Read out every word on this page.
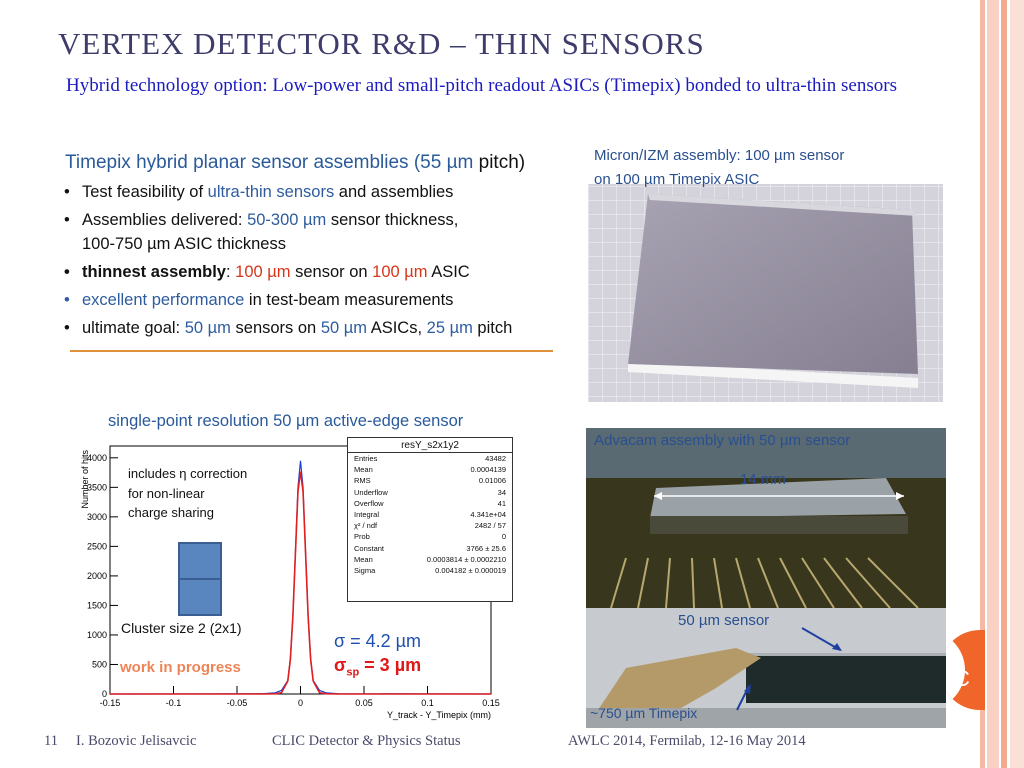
C
VERTEX DETECTOR R&D – THIN SENSORS
Hybrid technology option: Low-power and small-pitch readout ASICs (Timepix) bonded to ultra-thin sensors
Timepix hybrid planar sensor assemblies (55 µm pitch)
• Test feasibility of ultra-thin sensors and assemblies
• Assemblies delivered: 50-300 µm sensor thickness,
100-750 µm ASIC thickness
• thinnest assembly: 100 µm sensor on 100 µm ASIC
• excellent performance in test-beam measurements
• ultimate goal: 50 µm sensors on 50 µm ASICs, 25 µm pitch
Micron/IZM assembly: 100 µm sensor
on 100 µm Timepix ASIC
Advacam assembly with 50 µm sensor
14 mm
50 µm sensor
~750 µm Timepix
single-point resolution 50 µm active-edge sensor
-0.15	-0.1	-0.05	0	0.05	0.1	0.15
0
500
1000
1500
2000
2500
3000
3500
4000
Y_track - Y_Timepix (mm)
Number of hits	includes η correction
for non-linear
charge sharing
Cluster size 2 (2x1)
work in progress
σ = 4.2 µm
$\sigma_{sp} = 3$ µm
resY_s2x1y2
Entries	43482
Mean	0.0004139
RMS	0.01006
Underflow	34
Overflow	41
Integral	4.341e+04
χ² / ndf	2482 / 57
Prob	0
Constant	3766 ± 25.6
Mean	0.0003814 ± 0.0002210
Sigma	0.004182 ± 0.000019
11 I. Bozovic Jelisavcic	CLIC Detector & Physics Status	AWLC 2014, Fermilab, 12-16 May 2014
